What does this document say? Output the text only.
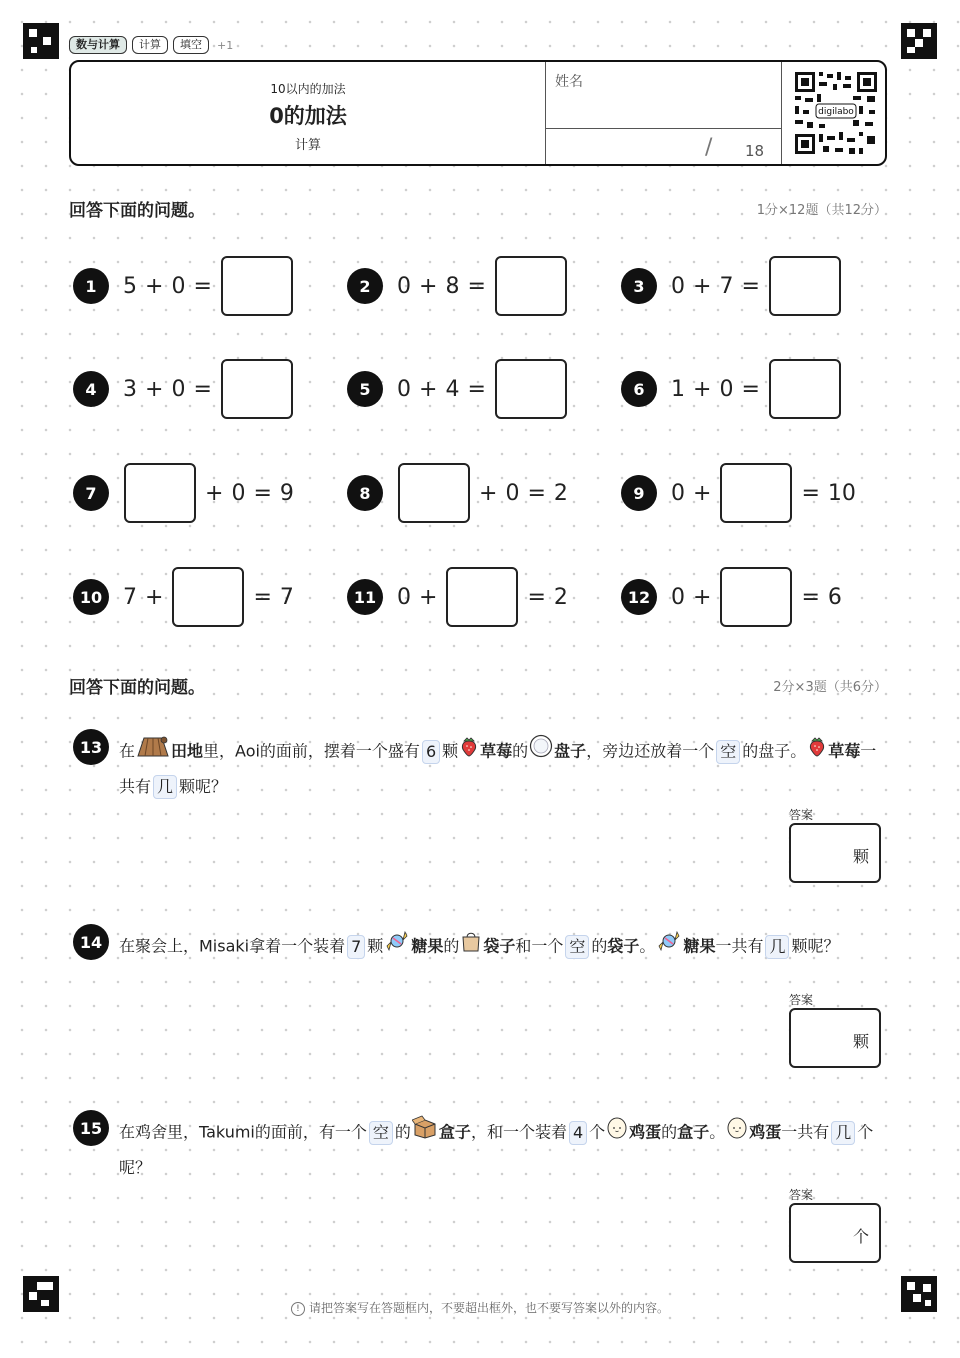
数与计算	计算	填空	+1
10以内的加法
0的加法
计算
姓名
/ 18
digilabo
回答下面的问题。	1分×12题（共12分）
1	5 + 0 =	2	0 + 8 =	3	0 + 7 =
4	3 + 0 =	5	0 + 4 =	6	1 + 0 =
7	+ 0 = 9	8	+ 0 = 2	9	0 +	= 10
10 7 +	= 7	11 0 +	= 2	12 0 +	= 6
回答下面的问题。	2分×3题（共6分）
13	在 田地里，Aoi的面前，摆着一个盛有 6 颗 草莓的 盘子，旁边还放着一个 空 的盘子。 草莓一共有 几 颗呢？
答案
颗
14	在聚会上，Misaki拿着一个装着 7 颗 糖果的 袋子和一个 空 的袋子。 糖果一共有 几 颗呢？
答案
颗
15	在鸡舍里，Takumi的面前，有一个 空 的 盒子，和一个装着 4 个 鸡蛋的盒子。 鸡蛋一共有 几 个呢？
答案
个
! 请把答案写在答题框内，不要超出框外，也不要写答案以外的内容。
